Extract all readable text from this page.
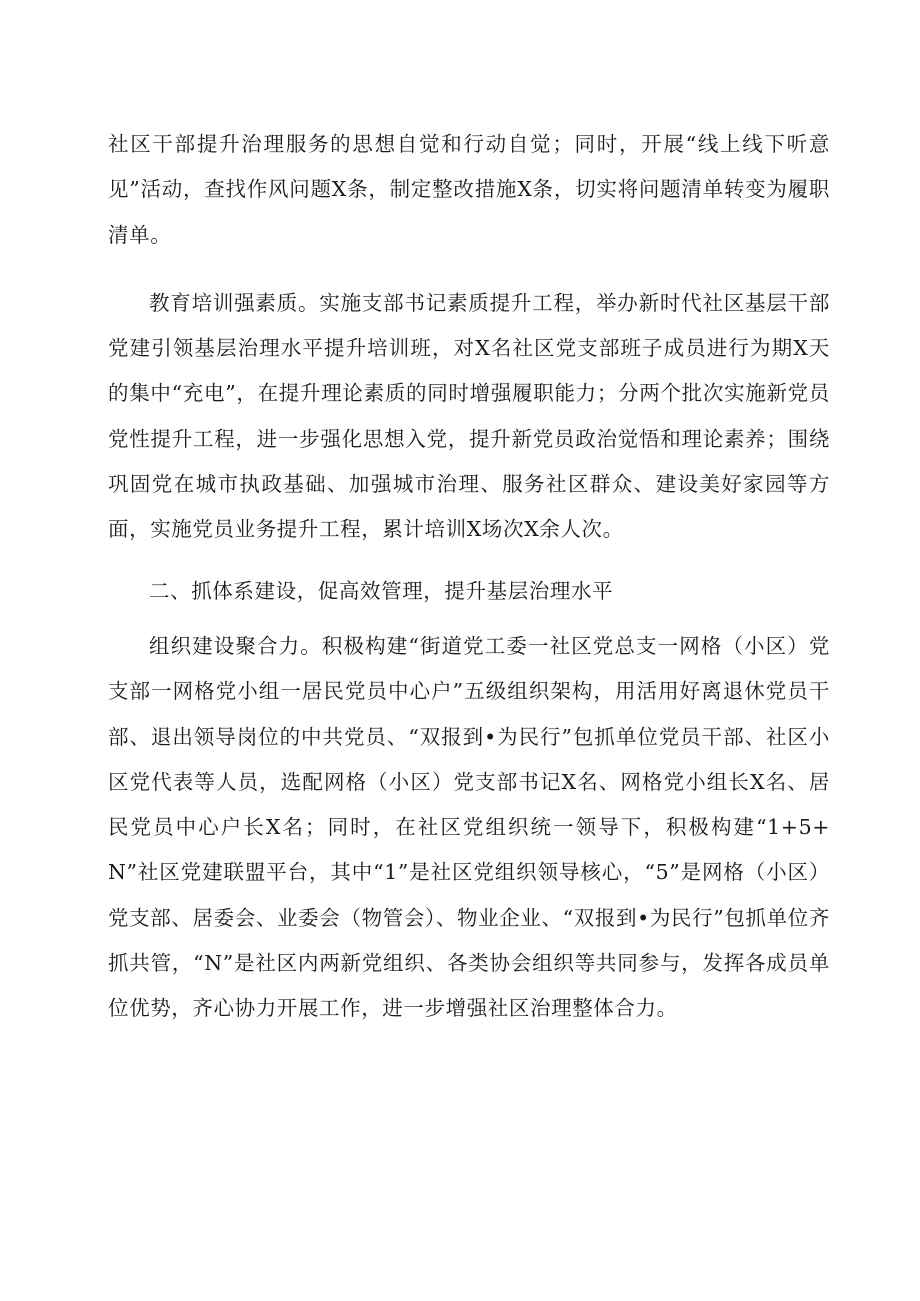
社区干部提升治理服务的思想自觉和行动自觉；同时，开展“线上线下听意见”活动，查找作风问题X条，制定整改措施X条，切实将问题清单转变为履职清单。

教育培训强素质。实施支部书记素质提升工程，举办新时代社区基层干部党建引领基层治理水平提升培训班，对X名社区党支部班子成员进行为期X天的集中“充电”，在提升理论素质的同时增强履职能力；分两个批次实施新党员党性提升工程，进一步强化思想入党，提升新党员政治觉悟和理论素养；围绕巩固党在城市执政基础、加强城市治理、服务社区群众、建设美好家园等方面，实施党员业务提升工程，累计培训X场次X余人次。

二、抓体系建设，促高效管理，提升基层治理水平

组织建设聚合力。积极构建“街道党工委一社区党总支一网格（小区）党支部一网格党小组一居民党员中心户”五级组织架构，用活用好离退休党员干部、退出领导岗位的中共党员、“双报到•为民行”包抓单位党员干部、社区小区党代表等人员，选配网格（小区）党支部书记X名、网格党小组长X名、居民党员中心户长X名；同时，在社区党组织统一领导下，积极构建“1+5+N”社区党建联盟平台，其中“1”是社区党组织领导核心，“5”是网格（小区）党支部、居委会、业委会（物管会）、物业企业、“双报到•为民行”包抓单位齐抓共管，“N”是社区内两新党组织、各类协会组织等共同参与，发挥各成员单位优势，齐心协力开展工作，进一步增强社区治理整体合力。
